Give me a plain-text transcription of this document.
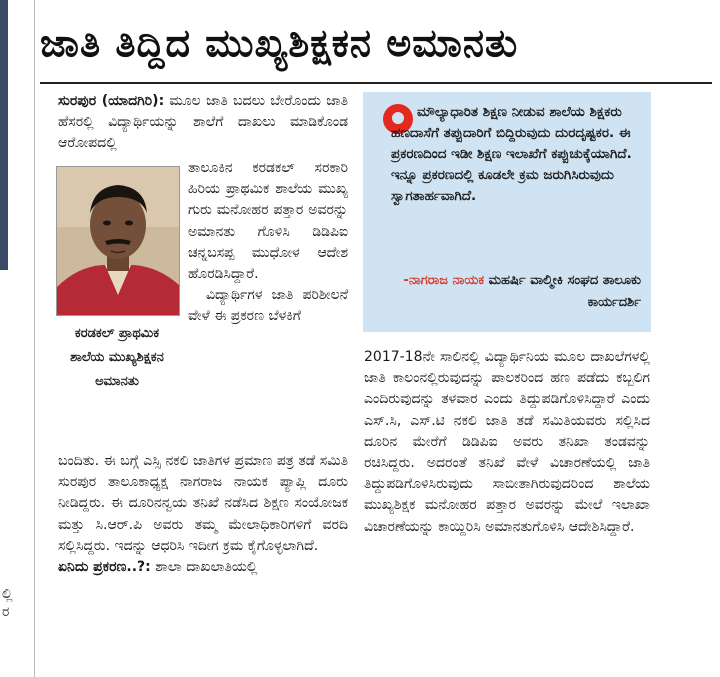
ಲ್ಲಿ
ರ
ಜಾತಿ ತಿದ್ದಿದ ಮುಖ್ಯಶಿಕ್ಷಕನ ಅಮಾನತು

ಸುರಪುರ (ಯಾದಗಿರಿ): ಮೂಲ ಜಾತಿ ಬದಲು ಬೇರೊಂದು ಜಾತಿ ಹೆಸರಲ್ಲಿ ವಿದ್ಯಾರ್ಥಿಯನ್ನು ಶಾಲೆಗೆ ದಾಖಲು ಮಾಡಿಕೊಂಡ ಆರೋಪದಲ್ಲಿ

ಕರಡಕಲ್ ಪ್ರಾಥಮಿಕ ಶಾಲೆಯ ಮುಖ್ಯಶಿಕ್ಷಕನ ಅಮಾನತು

ತಾಲೂಕಿನ ಕರಡಕಲ್ ಸರಕಾರಿ ಹಿರಿಯ ಪ್ರಾಥಮಿಕ ಶಾಲೆಯ ಮುಖ್ಯ ಗುರು ಮನೋಹರ ಪತ್ತಾರ ಅವರನ್ನು ಅಮಾನತು ಗೊಳಿಸಿ ಡಿಡಿಪಿಐ ಚನ್ನಬಸಪ್ಪ ಮುಧೋಳ ಆದೇಶ ಹೊರಡಿಸಿದ್ದಾರೆ.

ವಿದ್ಯಾರ್ಥಿಗಳ ಜಾತಿ ಪರಿಶೀಲನೆ ವೇಳೆ ಈ ಪ್ರಕರಣ ಬೆಳಕಿಗೆ

ಬಂದಿತು. ಈ ಬಗ್ಗೆ ಎಸ್ಸಿ ನಕಲಿ ಜಾತಿಗಳ ಪ್ರಮಾಣ ಪತ್ರ ತಡೆ ಸಮಿತಿ ಸುರಪುರ ತಾಲೂಕಾಧ್ಯಕ್ಷ ನಾಗರಾಜ ನಾಯಕ ಪ್ಯಾಪ್ಲಿ ದೂರು ನೀಡಿದ್ದರು. ಈ ದೂರಿನನ್ವಯ ತನಿಖೆ ನಡೆಸಿದ ಶಿಕ್ಷಣ ಸಂಯೋಜಕ ಮತ್ತು ಸಿ.ಆರ್.ಪಿ ಅವರು ತಮ್ಮ ಮೇಲಾಧಿಕಾರಿಗಳಿಗೆ ವರದಿ ಸಲ್ಲಿಸಿದ್ದರು. ಇದನ್ನು ಆಧರಿಸಿ ಇದೀಗ ಕ್ರಮ ಕೈಗೊಳ್ಳಲಾಗಿದೆ.

ಏನಿದು ಪ್ರಕರಣ..?: ಶಾಲಾ ದಾಖಲಾತಿಯಲ್ಲಿ

ಮೌಲ್ಯಾಧಾರಿತ ಶಿಕ್ಷಣ ನೀಡುವ ಶಾಲೆಯ ಶಿಕ್ಷಕರು ಹಣದಾಸೆಗೆ ತಪ್ಪುದಾರಿಗೆ ಬಿದ್ದಿರುವುದು ದುರದೃಷ್ಟಕರ. ಈ ಪ್ರಕರಣದಿಂದ ಇಡೀ ಶಿಕ್ಷಣ ಇಲಾಖೆಗೆ ಕಪ್ಪುಚುಕ್ಕೆಯಾಗಿದೆ. ಇನ್ನೂ ಪ್ರಕರಣದಲ್ಲಿ ಕೂಡಲೇ ಕ್ರಮ ಜರುಗಿಸಿರುವುದು ಸ್ವಾಗತಾರ್ಹವಾಗಿದೆ.
-ನಾಗರಾಜ ನಾಯಕ ಮಹರ್ಷಿ ವಾಲ್ಮೀಕಿ ಸಂಘದ ತಾಲೂಕು ಕಾರ್ಯದರ್ಶಿ

2017-18ನೇ ಸಾಲಿನಲ್ಲಿ ವಿದ್ಯಾರ್ಥಿನಿಯ ಮೂಲ ದಾಖಲೆಗಳಲ್ಲಿ ಜಾತಿ ಕಾಲಂನಲ್ಲಿರುವುದನ್ನು ಪಾಲಕರಿಂದ ಹಣ ಪಡೆದು ಕಬ್ಬಲಿಗ ಎಂದಿರುವುದನ್ನು ತಳವಾರ ಎಂದು ತಿದ್ದುಪಡಿಗೊಳಿಸಿದ್ದಾರೆ ಎಂದು ಎಸ್.ಸಿ, ಎಸ್.ಟಿ ನಕಲಿ ಜಾತಿ ತಡೆ ಸಮಿತಿಯವರು ಸಲ್ಲಿಸಿದ ದೂರಿನ ಮೇರೆಗೆ ಡಿಡಿಪಿಐ ಅವರು ತನಿಖಾ ತಂಡವನ್ನು ರಚಿಸಿದ್ದರು. ಅದರಂತೆ ತನಿಖೆ ವೇಳೆ ವಿಚಾರಣೆಯಲ್ಲಿ ಜಾತಿ ತಿದ್ದುಪಡಿಗೊಳಿಸಿರುವುದು ಸಾಬೀತಾಗಿರುವುದರಿಂದ ಶಾಲೆಯ ಮುಖ್ಯಶಿಕ್ಷಕ ಮನೋಹರ ಪತ್ತಾರ ಅವರನ್ನು ಮೇಲೆ ಇಲಾಖಾ ವಿಚಾರಣೆಯನ್ನು ಕಾಯ್ದಿರಿಸಿ ಅಮಾನತುಗೊಳಿಸಿ ಆದೇಶಿಸಿದ್ದಾರೆ.
